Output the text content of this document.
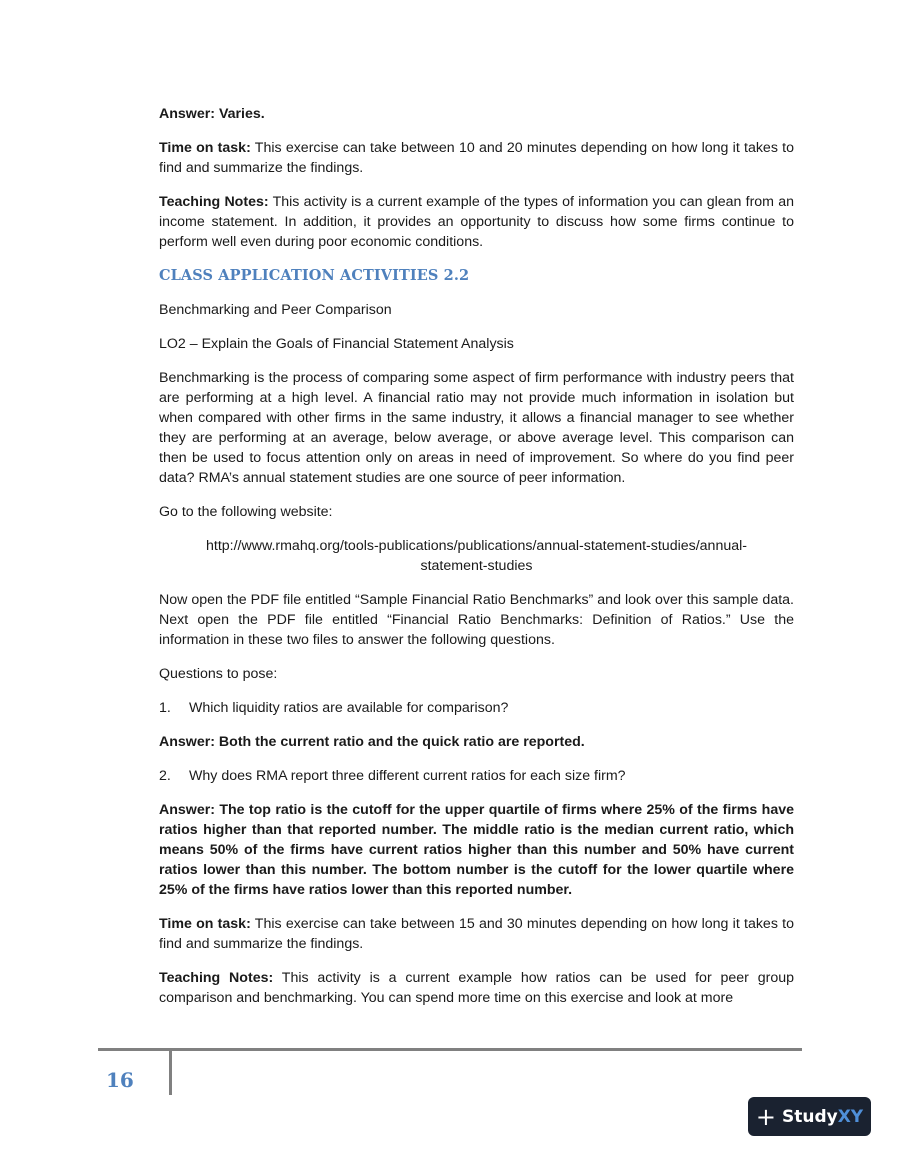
Answer: Varies.

Time on task: This exercise can take between 10 and 20 minutes depending on how long it takes to find and summarize the findings.

Teaching Notes: This activity is a current example of the types of information you can glean from an income statement. In addition, it provides an opportunity to discuss how some firms continue to perform well even during poor economic conditions.

CLASS APPLICATION ACTIVITIES 2.2

Benchmarking and Peer Comparison

LO2 – Explain the Goals of Financial Statement Analysis

Benchmarking is the process of comparing some aspect of firm performance with industry peers that are performing at a high level. A financial ratio may not provide much information in isolation but when compared with other firms in the same industry, it allows a financial manager to see whether they are performing at an average, below average, or above average level. This comparison can then be used to focus attention only on areas in need of improvement. So where do you find peer data? RMA’s annual statement studies are one source of peer information.

Go to the following website:

http://www.rmahq.org/tools-publications/publications/annual-statement-studies/annual-
statement-studies

Now open the PDF file entitled “Sample Financial Ratio Benchmarks” and look over this sample data. Next open the PDF file entitled “Financial Ratio Benchmarks: Definition of Ratios.” Use the information in these two files to answer the following questions.

Questions to pose:

1. Which liquidity ratios are available for comparison?

Answer: Both the current ratio and the quick ratio are reported.

2. Why does RMA report three different current ratios for each size firm?

Answer: The top ratio is the cutoff for the upper quartile of firms where 25% of the firms have ratios higher than that reported number. The middle ratio is the median current ratio, which means 50% of the firms have current ratios higher than this number and 50% have current ratios lower than this number. The bottom number is the cutoff for the lower quartile where 25% of the firms have ratios lower than this reported number.

Time on task: This exercise can take between 15 and 30 minutes depending on how long it takes to find and summarize the findings.

Teaching Notes: This activity is a current example how ratios can be used for peer group comparison and benchmarking. You can spend more time on this exercise and look at more

16
+ Study XY
